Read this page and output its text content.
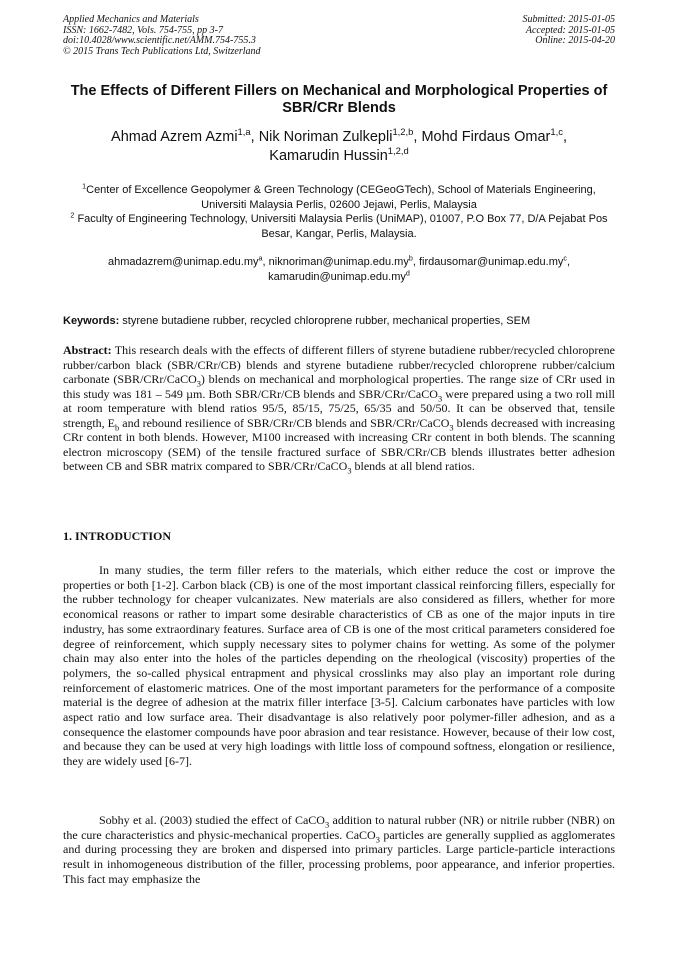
Applied Mechanics and Materials
ISSN: 1662-7482, Vols. 754-755, pp 3-7
doi:10.4028/www.scientific.net/AMM.754-755.3
© 2015 Trans Tech Publications Ltd, Switzerland
Submitted: 2015-01-05
Accepted: 2015-01-05
Online: 2015-04-20
The Effects of Different Fillers on Mechanical and Morphological Properties of SBR/CRr Blends
Ahmad Azrem Azmi$^{1,a}$, Nik Noriman Zulkepli$^{1,2,b}$, Mohd Firdaus Omar$^{1,c}$,
Kamarudin Hussin$^{1,2,d}$
$^1$Center of Excellence Geopolymer & Green Technology (CEGeoGTech), School of Materials Engineering, Universiti Malaysia Perlis, 02600 Jejawi, Perlis, Malaysia
$^2$ Faculty of Engineering Technology, Universiti Malaysia Perlis (UniMAP), 01007, P.O Box 77, D/A Pejabat Pos Besar, Kangar, Perlis, Malaysia.
$ahmadazrem@unimap.edu.my^a$, $niknoriman@unimap.edu.my^b$, $firdausomar@unimap.edu.my^c$,
$kamarudin@unimap.edu.my^d$
Keywords: styrene butadiene rubber, recycled chloroprene rubber, mechanical properties, SEM
Abstract: This research deals with the effects of different fillers of styrene butadiene rubber/recycled chloroprene rubber/carbon black (SBR/CRr/CB) blends and styrene butadiene rubber/recycled chloroprene rubber/calcium carbonate (SBR/CRr/CaCO$_3$) blends on mechanical and morphological properties. The range size of CRr used in this study was 181 – 549 µm. Both SBR/CRr/CB blends and SBR/CRr/CaCO$_3$ were prepared using a two roll mill at room temperature with blend ratios 95/5, 85/15, 75/25, 65/35 and 50/50. It can be observed that, tensile strength, $E_b$ and rebound resilience of SBR/CRr/CB blends and SBR/CRr/CaCO$_3$ blends decreased with increasing CRr content in both blends. However, M100 increased with increasing CRr content in both blends. The scanning electron microscopy (SEM) of the tensile fractured surface of SBR/CRr/CB blends illustrates better adhesion between CB and SBR matrix compared to SBR/CRr/CaCO$_3$ blends at all blend ratios.
1. INTRODUCTION
In many studies, the term filler refers to the materials, which either reduce the cost or improve the properties or both [1-2]. Carbon black (CB) is one of the most important classical reinforcing fillers, especially for the rubber technology for cheaper vulcanizates. New materials are also considered as fillers, whether for more economical reasons or rather to impart some desirable characteristics of CB as one of the major inputs in tire industry, has some extraordinary features. Surface area of CB is one of the most critical parameters considered foe degree of reinforcement, which supply necessary sites to polymer chains for wetting. As some of the polymer chain may also enter into the holes of the particles depending on the rheological (viscosity) properties of the polymers, the so-called physical entrapment and physical crosslinks may also play an important role during reinforcement of elastomeric matrices. One of the most important parameters for the performance of a composite material is the degree of adhesion at the matrix filler interface [3-5]. Calcium carbonates have particles with low aspect ratio and low surface area. Their disadvantage is also relatively poor polymer-filler adhesion, and as a consequence the elastomer compounds have poor abrasion and tear resistance. However, because of their low cost, and because they can be used at very high loadings with little loss of compound softness, elongation or resilience, they are widely used [6-7].
Sobhy et al. (2003) studied the effect of CaCO$_3$ addition to natural rubber (NR) or nitrile rubber (NBR) on the cure characteristics and physic-mechanical properties. CaCO$_3$ particles are generally supplied as agglomerates and during processing they are broken and dispersed into primary particles. Large particle-particle interactions result in inhomogeneous distribution of the filler, processing problems, poor appearance, and inferior properties. This fact may emphasize the
